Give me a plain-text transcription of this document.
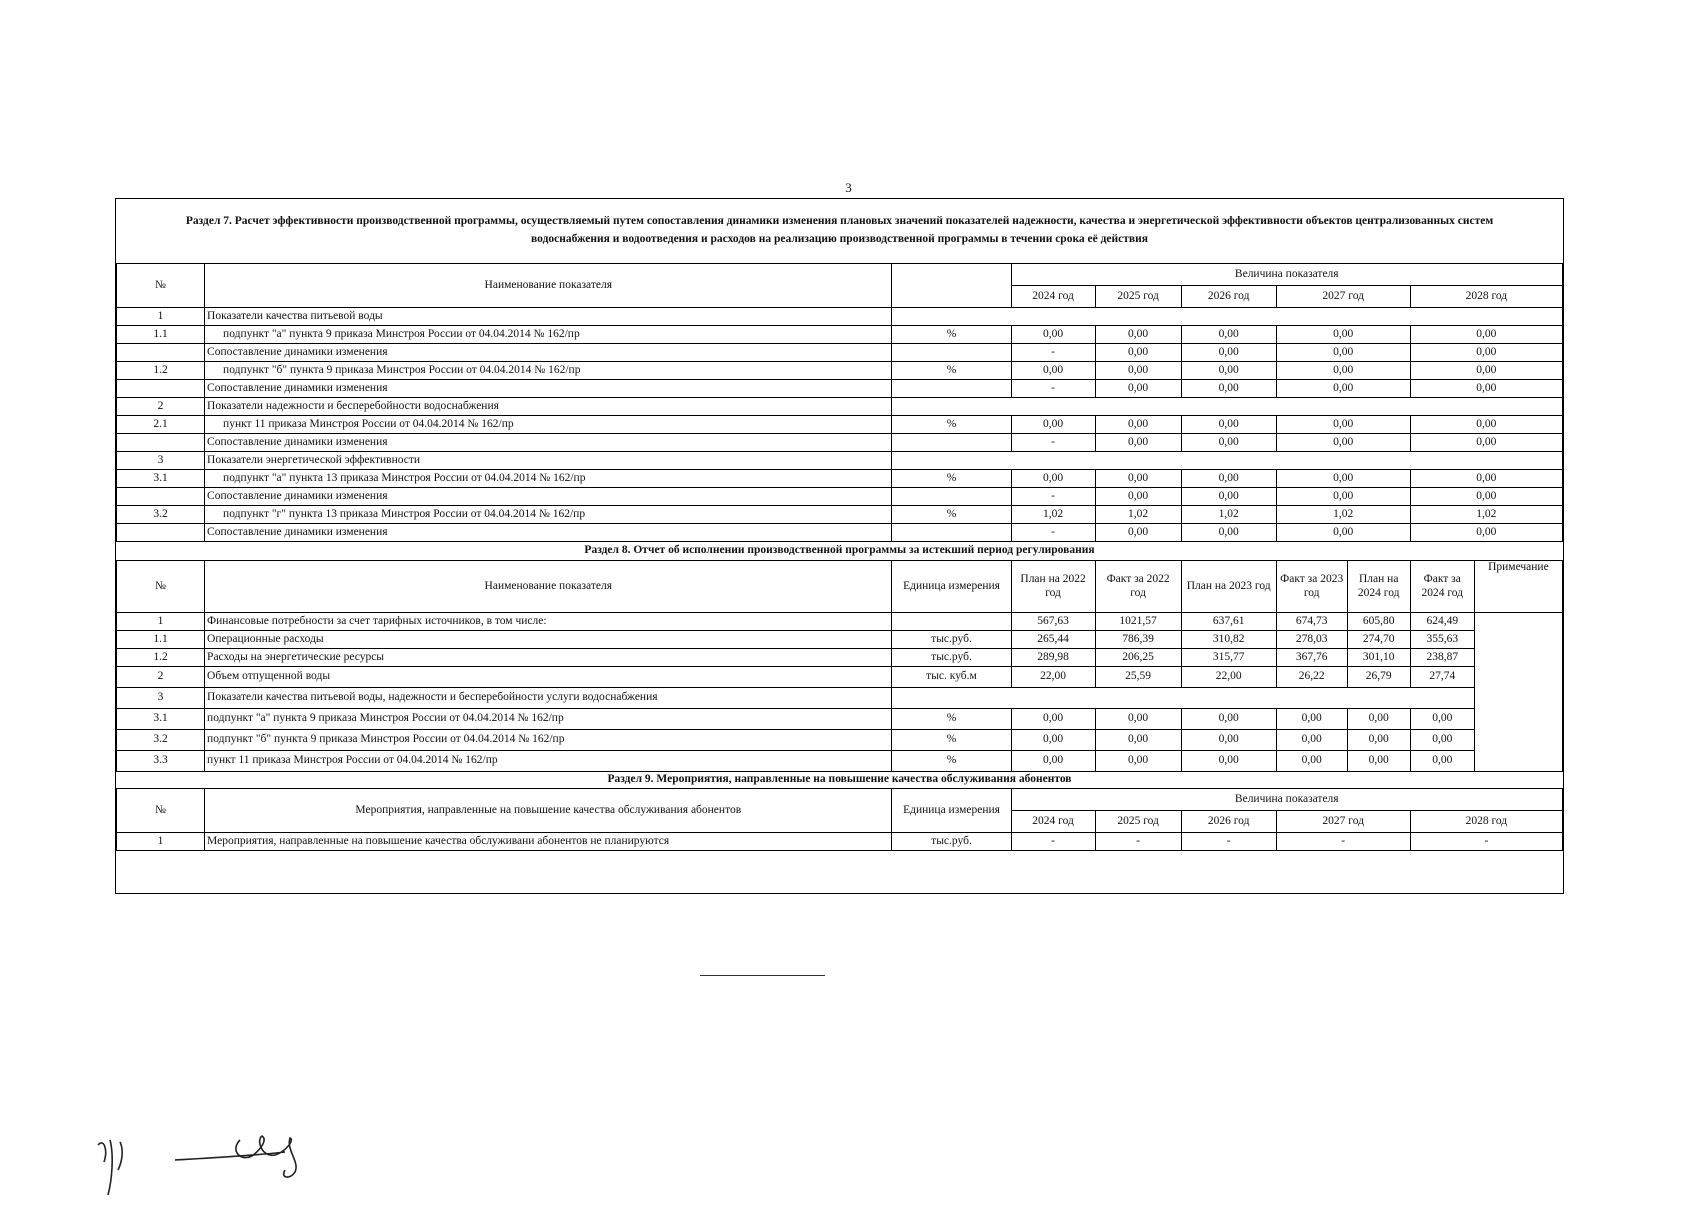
3
Раздел 7. Расчет эффективности производственной программы, осуществляемый путем сопоставления динамики изменения плановых значений показателей надежности, качества и энергетической эффективности объектов централизованных систем водоснабжения и водоотведения и расходов на реализацию производственной программы в течении срока её действия									
№	Наименование показателя		Величина показателя						
			2024 год	2025 год	2026 год	2027 год		2028 год	
1	Показатели качества питьевой воды								
1.1	подпункт "а" пункта 9 приказа Минстроя России от 04.04.2014 № 162/пр	%	0,00	0,00	0,00	0,00		0,00	
	Сопоставление динамики изменения		-	0,00	0,00	0,00		0,00	
1.2	подпункт "б" пункта 9 приказа Минстроя России от 04.04.2014 № 162/пр	%	0,00	0,00	0,00	0,00		0,00	
	Сопоставление динамики изменения		-	0,00	0,00	0,00		0,00	
2	Показатели надежности и бесперебойности водоснабжения								
2.1	пункт 11 приказа Минстроя России от 04.04.2014 № 162/пр	%	0,00	0,00	0,00	0,00		0,00	
	Сопоставление динамики изменения		-	0,00	0,00	0,00		0,00	
3	Показатели энергетической эффективности								
3.1	подпункт "а" пункта 13 приказа Минстроя России от 04.04.2014 № 162/пр	%	0,00	0,00	0,00	0,00		0,00	
	Сопоставление динамики изменения		-	0,00	0,00	0,00		0,00	
3.2	подпункт "г" пункта 13 приказа Минстроя России от 04.04.2014 № 162/пр	%	1,02	1,02	1,02	1,02		1,02	
	Сопоставление динамики изменения		-	0,00	0,00	0,00		0,00	
Раздел 8. Отчет об исполнении производственной программы за истекший период регулирования									
№	Наименование показателя	Единица измерения	План на 2022 год	Факт за 2022 год	План на 2023 год	Факт за 2023 год	План на 2024 год	Факт за 2024 год	Примечание
1	Финансовые потребности за счет тарифных источников, в том числе:		567,63	1021,57	637,61	674,73	605,80	624,49	
1.1	Операционные расходы	тыс.руб.	265,44	786,39	310,82	278,03	274,70	355,63	
1.2	Расходы на энергетические ресурсы	тыс.руб.	289,98	206,25	315,77	367,76	301,10	238,87	
2	Объем отпущенной воды	тыс. куб.м	22,00	25,59	22,00	26,22	26,79	27,74	
3	Показатели качества питьевой воды, надежности и бесперебойности услуги водоснабжения								
3.1	подпункт "а" пункта 9 приказа Минстроя России от 04.04.2014 № 162/пр	%	0,00	0,00	0,00	0,00	0,00	0,00	
3.2	подпункт "б" пункта 9 приказа Минстроя России от 04.04.2014 № 162/пр	%	0,00	0,00	0,00	0,00	0,00	0,00	
3.3	пункт 11 приказа Минстроя России от 04.04.2014 № 162/пр	%	0,00	0,00	0,00	0,00	0,00	0,00	
Раздел 9. Мероприятия, направленные на повышение качества обслуживания абонентов									
№	Мероприятия, направленные на повышение качества обслуживания абонентов	Единица измерения	Величина показателя						
			2024 год	2025 год	2026 год	2027 год		2028 год	
1	Мероприятия, направленные на повышение качества обслуживани абонентов не планируются	тыс.руб.	-	-	-	-		-	
